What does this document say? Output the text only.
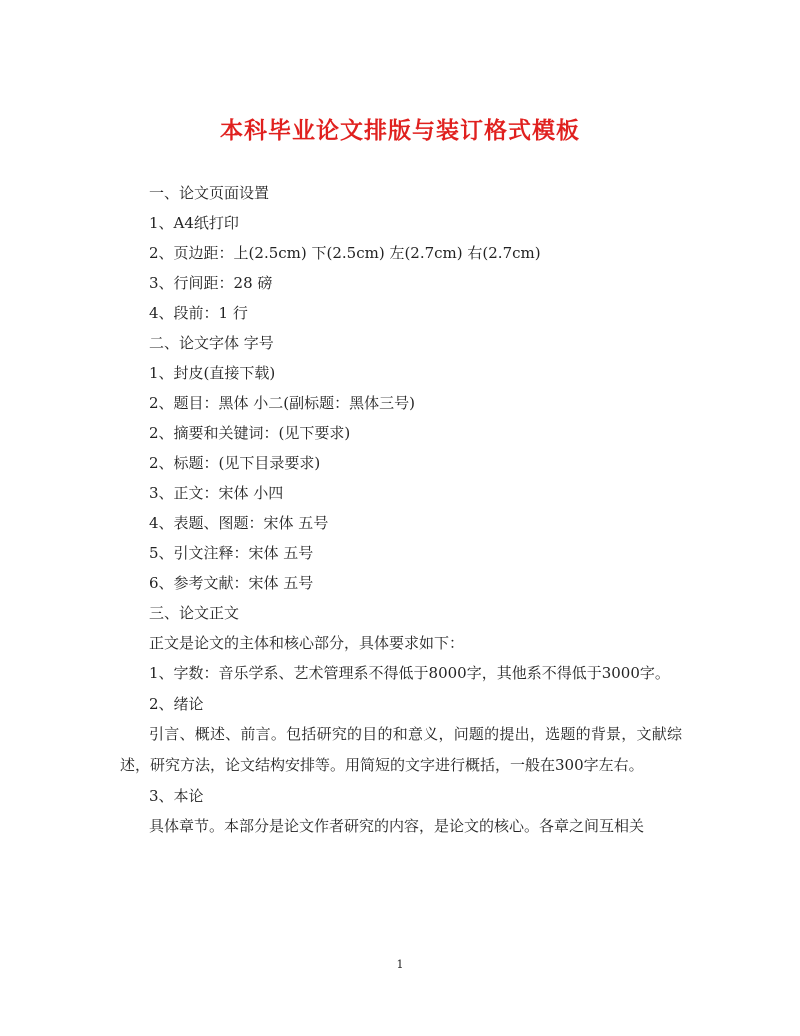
本科毕业论文排版与装订格式模板

一、论文页面设置

1、A4纸打印

2、页边距：上(2.5cm) 下(2.5cm) 左(2.7cm) 右(2.7cm)

3、行间距：28 磅

4、段前：1 行

二、论文字体 字号

1、封皮(直接下载)

2、题目：黑体 小二(副标题：黑体三号)

2、摘要和关键词：(见下要求)

2、标题：(见下目录要求)

3、正文：宋体 小四

4、表题、图题：宋体 五号

5、引文注释：宋体 五号

6、参考文献：宋体 五号

三、论文正文

正文是论文的主体和核心部分，具体要求如下：

1、字数：音乐学系、艺术管理系不得低于8000字，其他系不得低于3000字。

2、绪论

引言、概述、前言。包括研究的目的和意义，问题的提出，选题的背景，文献综述，研究方法，论文结构安排等。用简短的文字进行概括，一般在300字左右。

3、本论

具体章节。本部分是论文作者研究的内容，是论文的核心。各章之间互相关

1
